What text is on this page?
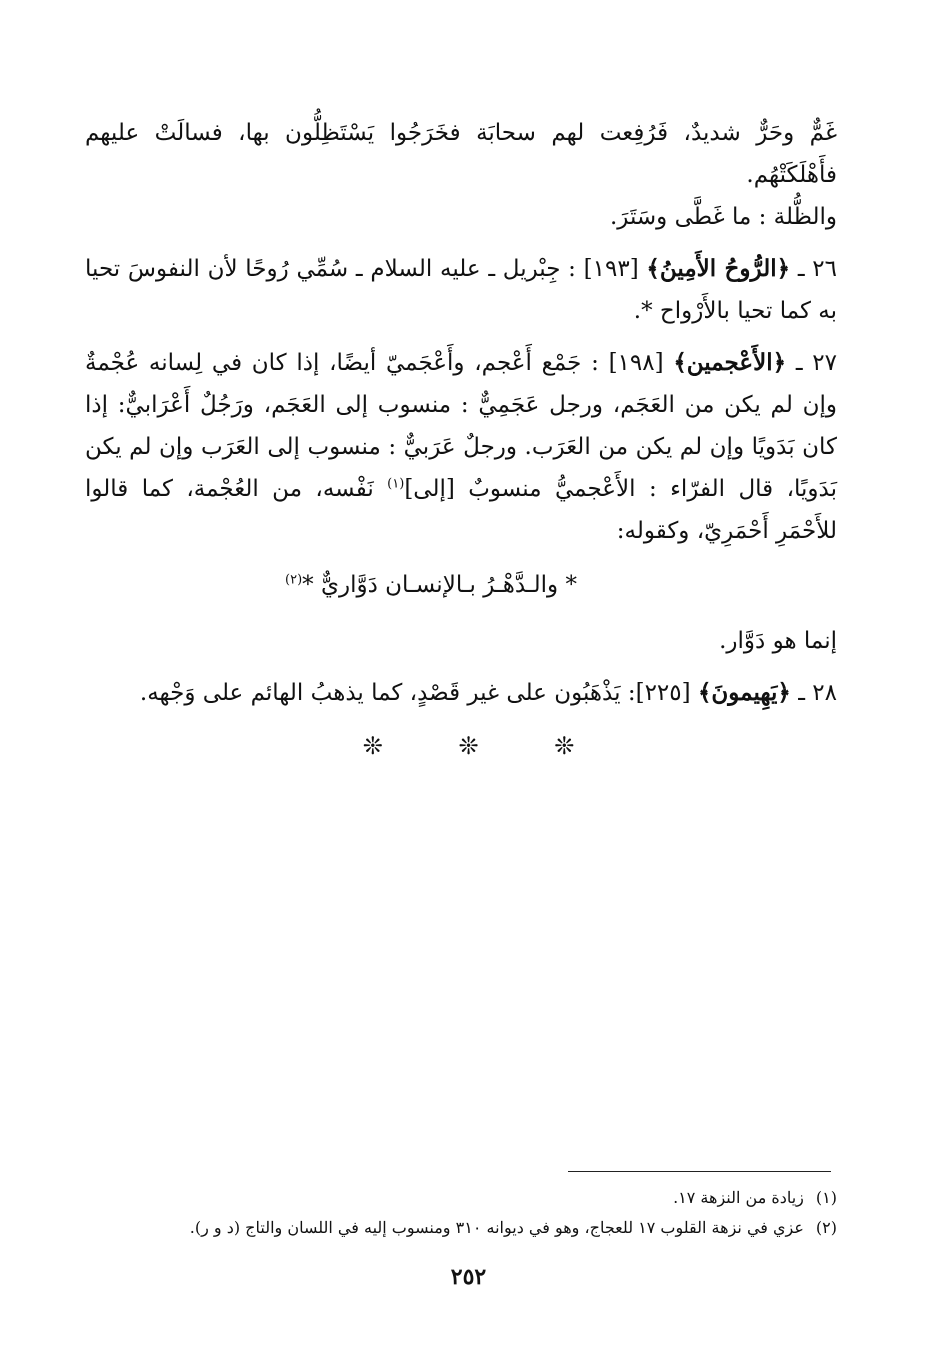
غَمٌّ وحَرٌّ شديدٌ، فَرُفِعت لهم سحابَة فخَرَجُوا يَسْتَظِلُّون بها، فسالَتْ عليهم فأَهْلَكَتْهُم.
والظُّلة : ما غَطَّى وسَتَرَ.

٢٦ ـ ﴿الرُّوحُ الأَمِينُ﴾ [١٩٣] : جِبْريل ـ عليه السلام ـ سُمِّي رُوحًا لأن النفوسَ تحيا به كما تحيا بالأَرْواح *.

٢٧ ـ ﴿الأَعْجمين﴾ [١٩٨] : جَمْع أَعْجم، وأَعْجَميّ أيضًا، إذا كان في لِسانه عُجْمةٌ وإن لم يكن من العَجَم، ورجل عَجَمِيٌّ : منسوب إلى العَجَم، ورَجُلٌ أَعْرَابيٌّ: إذا كان بَدَويًا وإن لم يكن من العَرَب. ورجلٌ عَرَبيٌّ : منسوب إلى العَرَب وإن لم يكن بَدَويًا، قال الفرّاء : الأَعْجميُّ منسوبٌ [إلى]$^{(١)}$ نَفْسه، من العُجْمة، كما قالوا للأَحْمَرِ أَحْمَرِيّ، وكقوله:

* والـدَّهْـرُ بـالإنسـان دَوَّاريٌّ *$^{(٢)}$

إنما هو دَوَّار.

٢٨ ـ ﴿يَهِيمونَ﴾ [٢٢٥]: يَذْهَبُون على غير قَصْدٍ، كما يذهبُ الهائم على وَجْهه.

❊	❊	❊

(١)زيادة من النزهة ١٧.

(٢)عزي في نزهة القلوب ١٧ للعجاج، وهو في ديوانه ٣١٠ ومنسوب إليه في اللسان والتاج (د و ر).

٢٥٢
